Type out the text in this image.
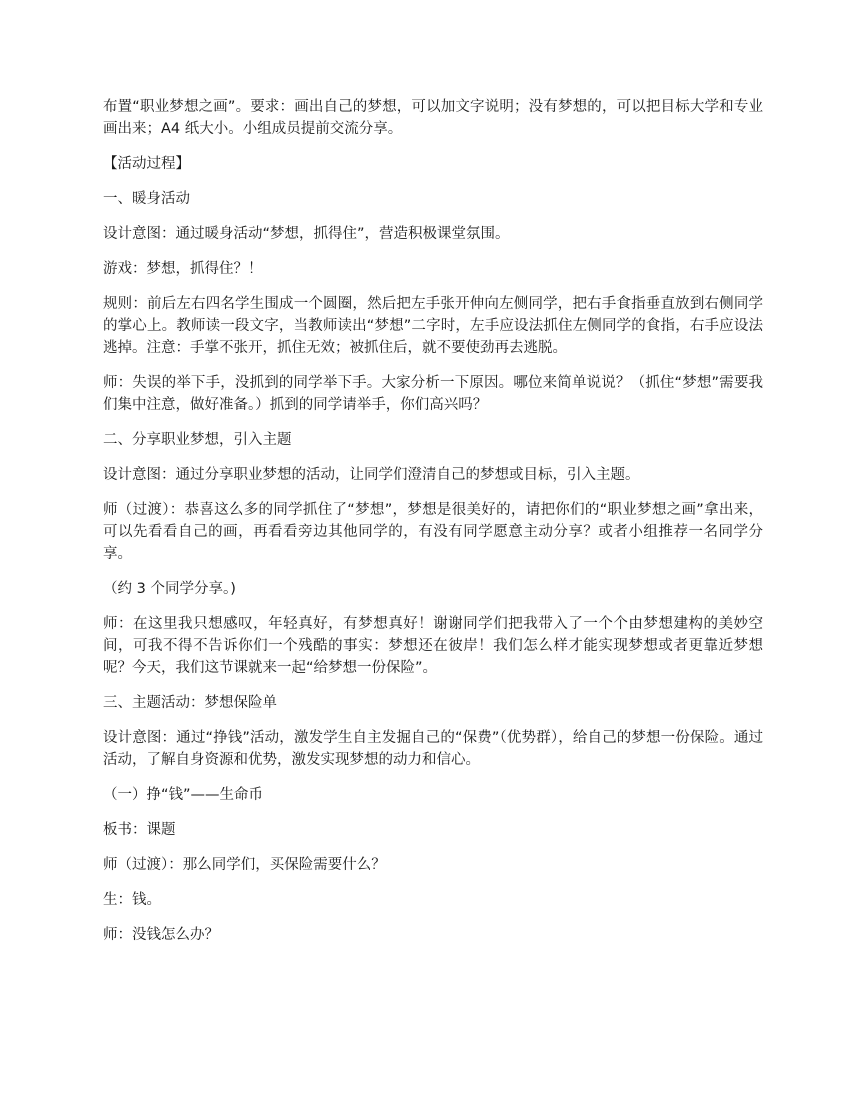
布置“职业梦想之画”。要求：画出自己的梦想，可以加文字说明；没有梦想的，可以把目标大学和专业画出来；A4 纸大小。小组成员提前交流分享。

【活动过程】

一、暖身活动

设计意图：通过暖身活动“梦想，抓得住”，营造积极课堂氛围。

游戏：梦想，抓得住？！

规则：前后左右四名学生围成一个圆圈，然后把左手张开伸向左侧同学，把右手食指垂直放到右侧同学的掌心上。教师读一段文字，当教师读出“梦想”二字时，左手应设法抓住左侧同学的食指，右手应设法逃掉。注意：手掌不张开，抓住无效；被抓住后，就不要使劲再去逃脱。

师：失误的举下手，没抓到的同学举下手。大家分析一下原因。哪位来简单说说？（抓住“梦想”需要我们集中注意，做好准备。）抓到的同学请举手，你们高兴吗？

二、分享职业梦想，引入主题

设计意图：通过分享职业梦想的活动，让同学们澄清自己的梦想或目标，引入主题。

师（过渡）：恭喜这么多的同学抓住了“梦想”，梦想是很美好的，请把你们的“职业梦想之画”拿出来，可以先看看自己的画，再看看旁边其他同学的，有没有同学愿意主动分享？或者小组推荐一名同学分享。

（约 3 个同学分享。)

师：在这里我只想感叹，年轻真好，有梦想真好！谢谢同学们把我带入了一个个由梦想建构的美妙空间，可我不得不告诉你们一个残酷的事实：梦想还在彼岸！我们怎么样才能实现梦想或者更靠近梦想呢？今天，我们这节课就来一起“给梦想一份保险”。

三、主题活动：梦想保险单

设计意图：通过“挣钱”活动，激发学生自主发掘自己的“保费”（优势群），给自己的梦想一份保险。通过活动，了解自身资源和优势，激发实现梦想的动力和信心。

（一）挣“钱”——生命币

板书：课题

师（过渡）：那么同学们，买保险需要什么？

生：钱。

师：没钱怎么办？
